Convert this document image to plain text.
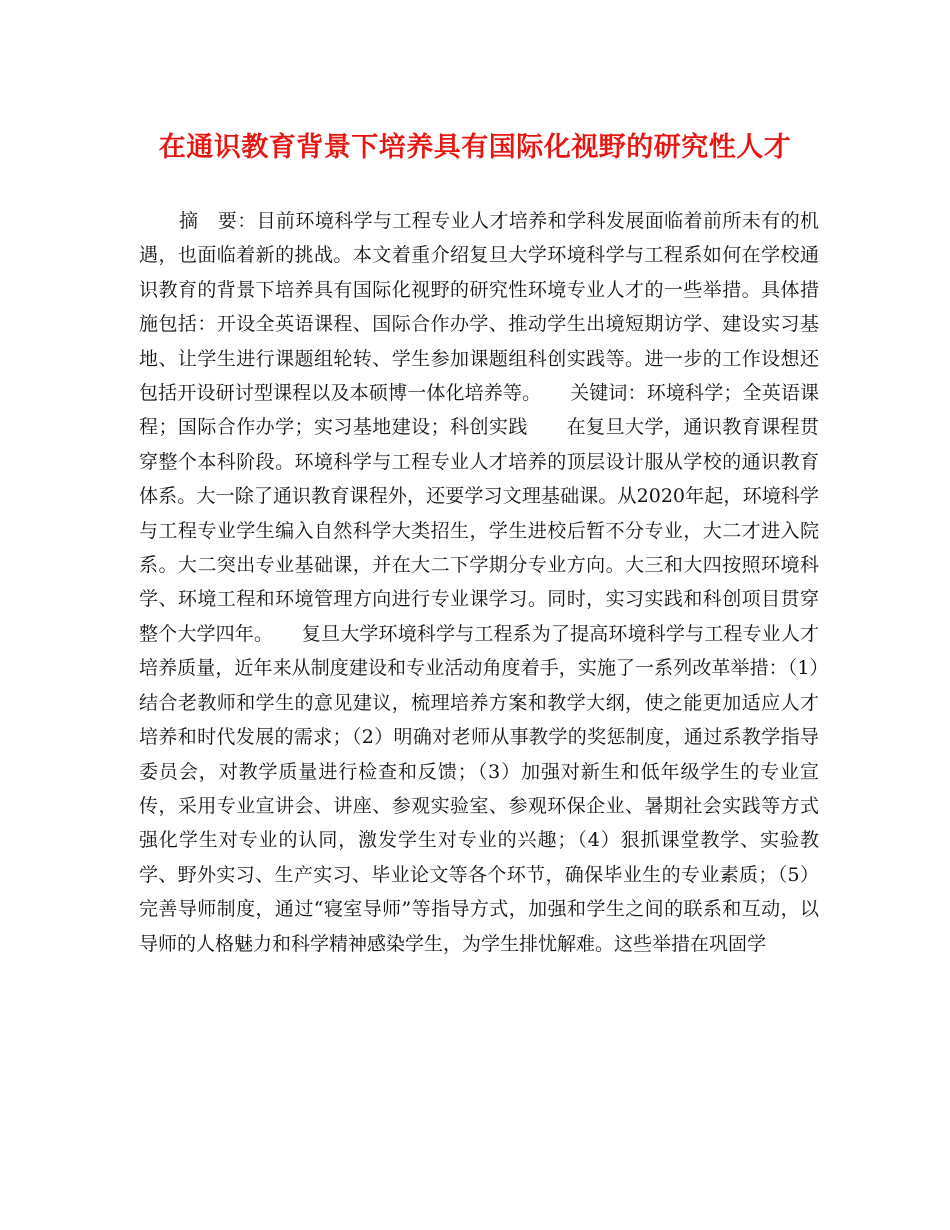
在通识教育背景下培养具有国际化视野的研究性人才

摘　要：目前环境科学与工程专业人才培养和学科发展面临着前所未有的机遇，也面临着新的挑战。本文着重介绍复旦大学环境科学与工程系如何在学校通识教育的背景下培养具有国际化视野的研究性环境专业人才的一些举措。具体措施包括：开设全英语课程、国际合作办学、推动学生出境短期访学、建设实习基地、让学生进行课题组轮转、学生参加课题组科创实践等。进一步的工作设想还包括开设研讨型课程以及本硕博一体化培养等。　　关键词：环境科学；全英语课程；国际合作办学；实习基地建设；科创实践　　在复旦大学，通识教育课程贯穿整个本科阶段。环境科学与工程专业人才培养的顶层设计服从学校的通识教育体系。大一除了通识教育课程外，还要学习文理基础课。从2020年起，环境科学与工程专业学生编入自然科学大类招生，学生进校后暂不分专业，大二才进入院系。大二突出专业基础课，并在大二下学期分专业方向。大三和大四按照环境科学、环境工程和环境管理方向进行专业课学习。同时，实习实践和科创项目贯穿整个大学四年。　　复旦大学环境科学与工程系为了提高环境科学与工程专业人才培养质量，近年来从制度建设和专业活动角度着手，实施了一系列改革举措：（1）结合老教师和学生的意见建议，梳理培养方案和教学大纲，使之能更加适应人才培养和时代发展的需求；（2）明确对老师从事教学的奖惩制度，通过系教学指导委员会，对教学质量进行检查和反馈；（3）加强对新生和低年级学生的专业宣传，采用专业宣讲会、讲座、参观实验室、参观环保企业、暑期社会实践等方式强化学生对专业的认同，激发学生对专业的兴趣；（4）狠抓课堂教学、实验教学、野外实习、生产实习、毕业论文等各个环节，确保毕业生的专业素质；（5）完善导师制度，通过“寝室导师”等指导方式，加强和学生之间的联系和互动，以导师的人格魅力和科学精神感染学生，为学生排忧解难。这些举措在巩固学
